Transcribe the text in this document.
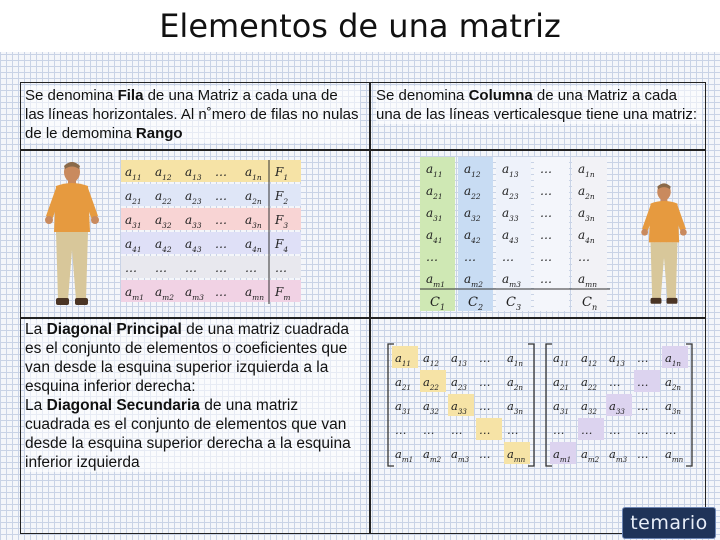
Elementos de una matriz
Se denomina Fila de una Matriz a cada una de las líneas horizontales. Al n˚mero de filas no nulas de le demomina Rango
Se denomina Columna de una Matriz a cada una de las líneas verticalesque tiene una matriz:
La Diagonal Principal de una matriz cuadrada es el conjunto de elementos o coeficientes que van desde la esquina superior izquierda a la esquina inferior derecha:
La Diagonal Secundaria de una matriz cuadrada es el conjunto de elementos que van desde la esquina superior derecha a la esquina inferior izquierda
$a_{11}$ $a_{12}$ $a_{13}$ … $a_{1n}$ $F_1$
$a_{21}$ $a_{22}$ $a_{23}$ … $a_{2n}$ $F_2$
$a_{31}$ $a_{32}$ $a_{33}$ … $a_{3n}$ $F_3$
$a_{41}$ $a_{42}$ $a_{43}$ … $a_{4n}$ $F_4$
… … … … … …
$a_{m1}$ $a_{m2}$ $a_{m3}$ … $a_{mn}$ $F_m$
$a_{11}$ $a_{12}$ $a_{13}$ … $a_{1n}$
$a_{21}$ $a_{22}$ $a_{23}$ … $a_{2n}$
$a_{31}$ $a_{32}$ $a_{33}$ … $a_{3n}$
$a_{41}$ $a_{42}$ $a_{43}$ … $a_{4n}$
… … … … …
$a_{m1}$ $a_{m2}$ $a_{m3}$ … $a_{mn}$
$C_1$ $C_2$ $C_3$	$C_n$
$a_{11}$ $a_{12}$ $a_{13}$ … $a_{1n}$
$a_{21}$ $a_{22}$ $a_{23}$ … $a_{2n}$
$a_{31}$ $a_{32}$ $a_{33}$ … $a_{3n}$
… … … … …
$a_{m1}$ $a_{m2}$ $a_{m3}$ … $a_{mn}$
$a_{11}$ $a_{12}$ $a_{13}$ … $a_{1n}$
$a_{21}$ $a_{22}$ … … $a_{2n}$
$a_{31}$ $a_{32}$ $a_{33}$ … $a_{3n}$
… … … … …
$a_{m1}$ $a_{m2}$ $a_{m3}$ … $a_{mn}$
temario
